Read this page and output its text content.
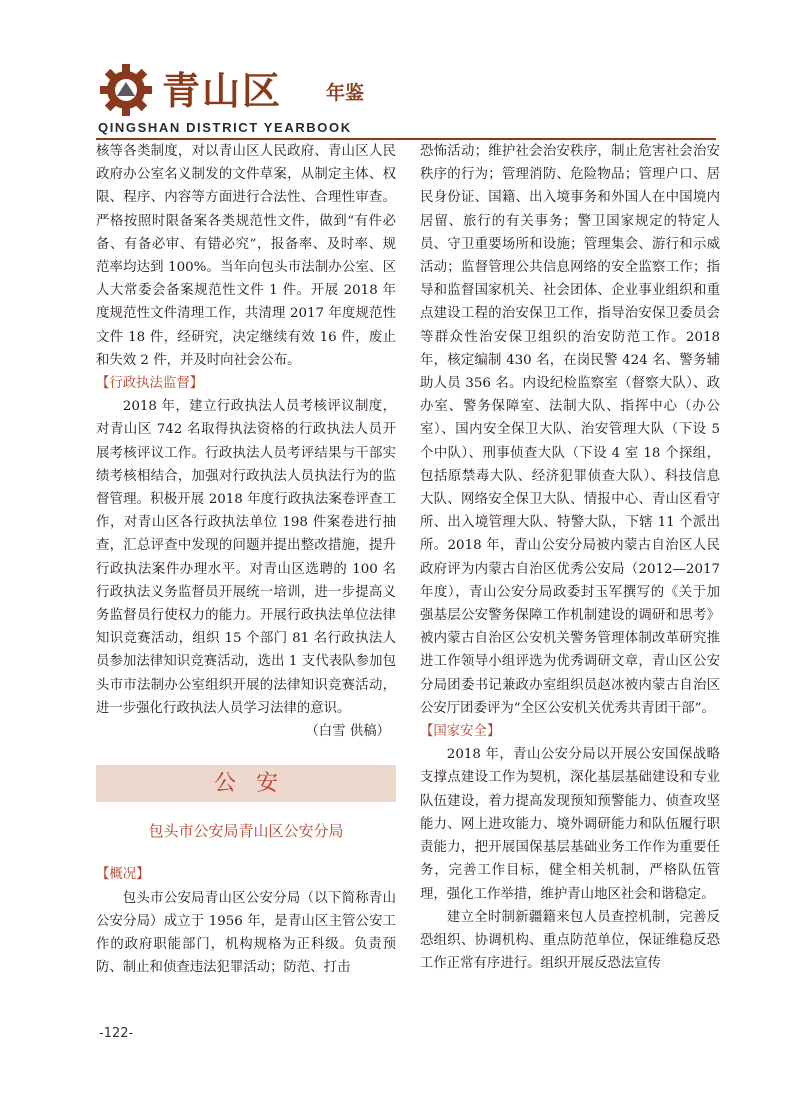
青山区 年鉴
QINGSHAN DISTRICT YEARBOOK

核等各类制度，对以青山区人民政府、青山区人民政府办公室名义制发的文件草案，从制定主体、权限、程序、内容等方面进行合法性、合理性审查。严格按照时限备案各类规范性文件，做到“有件必备、有备必审、有错必究”，报备率、及时率、规范率均达到 100%。当年向包头市法制办公室、区人大常委会备案规范性文件 1 件。开展 2018 年度规范性文件清理工作，共清理 2017 年度规范性文件 18 件，经研究，决定继续有效 16 件，废止和失效 2 件，并及时向社会公布。

【行政执法监督】

2018 年，建立行政执法人员考核评议制度，对青山区 742 名取得执法资格的行政执法人员开展考核评议工作。行政执法人员考评结果与干部实绩考核相结合，加强对行政执法人员执法行为的监督管理。积极开展 2018 年度行政执法案卷评查工作，对青山区各行政执法单位 198 件案卷进行抽查，汇总评查中发现的问题并提出整改措施，提升行政执法案件办理水平。对青山区选聘的 100 名行政执法义务监督员开展统一培训，进一步提高义务监督员行使权力的能力。开展行政执法单位法律知识竞赛活动，组织 15 个部门 81 名行政执法人员参加法律知识竞赛活动，选出 1 支代表队参加包头市市法制办公室组织开展的法律知识竞赛活动，进一步强化行政执法人员学习法律的意识。

（白雪 供稿）

公安
包头市公安局青山区公安分局

【概况】

包头市公安局青山区公安分局（以下简称青山公安分局）成立于 1956 年，是青山区主管公安工作的政府职能部门，机构规格为正科级。负责预防、制止和侦查违法犯罪活动；防范、打击

恐怖活动；维护社会治安秩序，制止危害社会治安秩序的行为；管理消防、危险物品；管理户口、居民身份证、国籍、出入境事务和外国人在中国境内居留、旅行的有关事务；警卫国家规定的特定人员、守卫重要场所和设施；管理集会、游行和示威活动；监督管理公共信息网络的安全监察工作；指导和监督国家机关、社会团体、企业事业组织和重点建设工程的治安保卫工作，指导治安保卫委员会等群众性治安保卫组织的治安防范工作。2018 年，核定编制 430 名，在岗民警 424 名、警务辅助人员 356 名。内设纪检监察室（督察大队）、政办室、警务保障室、法制大队、指挥中心（办公室）、国内安全保卫大队、治安管理大队（下设 5 个中队）、刑事侦查大队（下设 4 室 18 个探组，包括原禁毒大队、经济犯罪侦查大队）、科技信息大队、网络安全保卫大队、情报中心、青山区看守所、出入境管理大队、特警大队，下辖 11 个派出所。2018 年，青山公安分局被内蒙古自治区人民政府评为内蒙古自治区优秀公安局（2012—2017 年度），青山公安分局政委封玉军撰写的《关于加强基层公安警务保障工作机制建设的调研和思考》被内蒙古自治区公安机关警务管理体制改革研究推进工作领导小组评选为优秀调研文章，青山区公安分局团委书记兼政办室组织员赵冰被内蒙古自治区公安厅团委评为“全区公安机关优秀共青团干部”。

【国家安全】

2018 年，青山公安分局以开展公安国保战略支撑点建设工作为契机，深化基层基础建设和专业队伍建设，着力提高发现预知预警能力、侦查攻坚能力、网上进攻能力、境外调研能力和队伍履行职责能力，把开展国保基层基础业务工作作为重要任务，完善工作目标，健全相关机制，严格队伍管理，强化工作举措，维护青山地区社会和谐稳定。

建立全时制新疆籍来包人员查控机制，完善反恐组织、协调机构、重点防范单位，保证维稳反恐工作正常有序进行。组织开展反恐法宣传

-122-
